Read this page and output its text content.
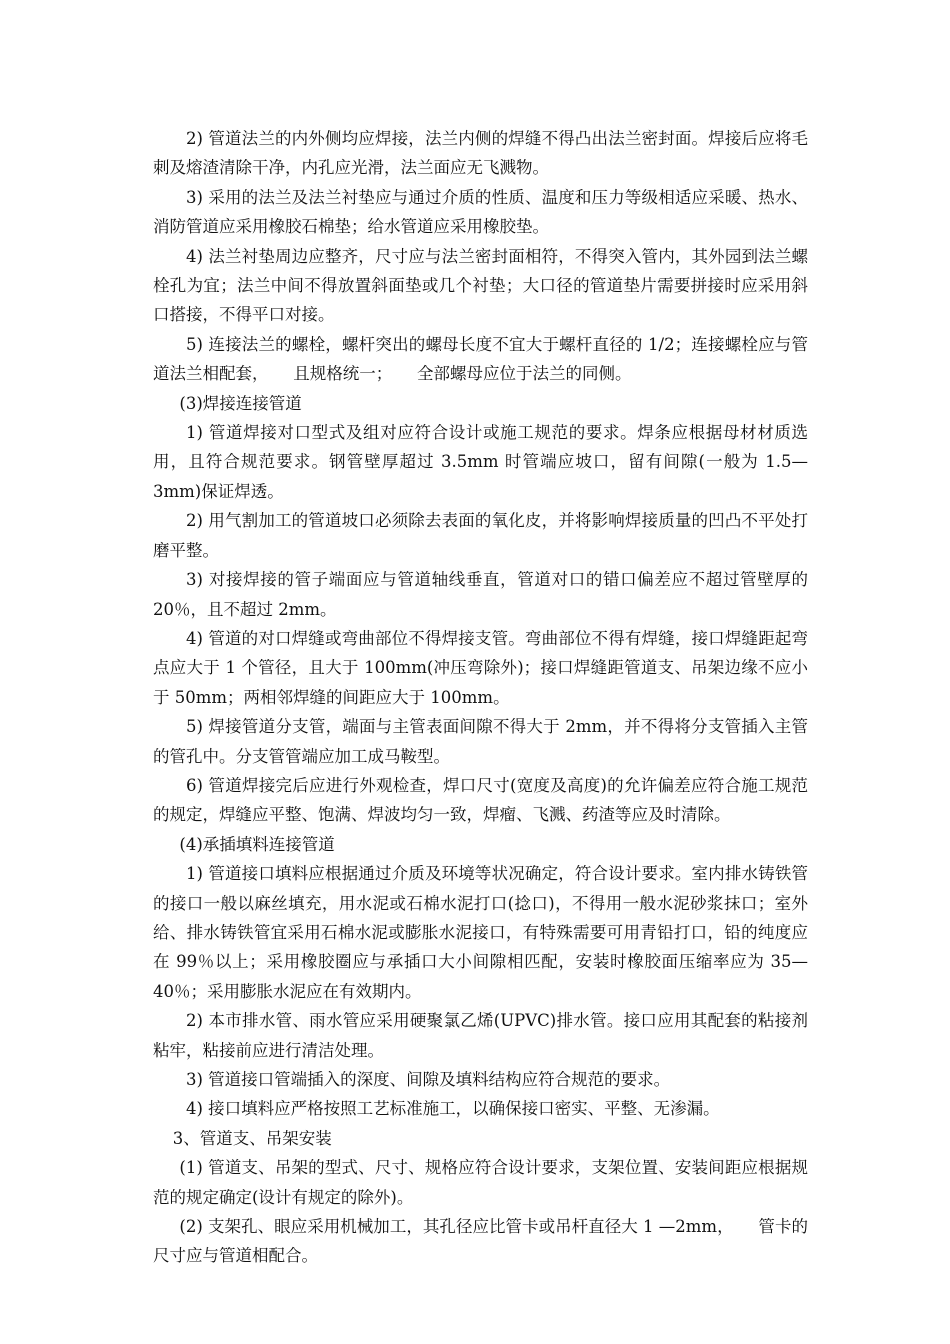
2) 管道法兰的内外侧均应焊接，法兰内侧的焊缝不得凸出法兰密封面。焊接后应将毛刺及熔渣清除干净，内孔应光滑，法兰面应无飞溅物。

3) 采用的法兰及法兰衬垫应与通过介质的性质、温度和压力等级相适应采暖、热水、消防管道应采用橡胶石棉垫；给水管道应采用橡胶垫。

4) 法兰衬垫周边应整齐，尺寸应与法兰密封面相符，不得突入管内，其外园到法兰螺栓孔为宜；法兰中间不得放置斜面垫或几个衬垫；大口径的管道垫片需要拼接时应采用斜口搭接，不得平口对接。

5) 连接法兰的螺栓，螺杆突出的螺母长度不宜大于螺杆直径的 1/2；连接螺栓应与管道法兰相配套，　　且规格统一；　　全部螺母应位于法兰的同侧。

(3)焊接连接管道

1) 管道焊接对口型式及组对应符合设计或施工规范的要求。焊条应根据母材材质选用，且符合规范要求。钢管壁厚超过 3.5mm 时管端应坡口，留有间隙(一般为 1.5—3mm)保证焊透。

2) 用气割加工的管道坡口必须除去表面的氧化皮，并将影响焊接质量的凹凸不平处打磨平整。

3) 对接焊接的管子端面应与管道轴线垂直，管道对口的错口偏差应不超过管壁厚的 20％，且不超过 2mm。

4) 管道的对口焊缝或弯曲部位不得焊接支管。弯曲部位不得有焊缝，接口焊缝距起弯点应大于 1 个管径，且大于 100mm(冲压弯除外)；接口焊缝距管道支、吊架边缘不应小于 50mm；两相邻焊缝的间距应大于 100mm。

5) 焊接管道分支管，端面与主管表面间隙不得大于 2mm，并不得将分支管插入主管的管孔中。分支管管端应加工成马鞍型。

6) 管道焊接完后应进行外观检查，焊口尺寸(宽度及高度)的允许偏差应符合施工规范的规定，焊缝应平整、饱满、焊波均匀一致，焊瘤、飞溅、药渣等应及时清除。

(4)承插填料连接管道

1) 管道接口填料应根据通过介质及环境等状况确定，符合设计要求。室内排水铸铁管的接口一般以麻丝填充，用水泥或石棉水泥打口(捻口)，不得用一般水泥砂浆抹口；室外给、排水铸铁管宜采用石棉水泥或膨胀水泥接口，有特殊需要可用青铅打口，铅的纯度应在 99％以上；采用橡胶圈应与承插口大小间隙相匹配，安装时橡胶面压缩率应为 35—40％；采用膨胀水泥应在有效期内。

2) 本市排水管、雨水管应采用硬聚氯乙烯(UPVC)排水管。接口应用其配套的粘接剂粘牢，粘接前应进行清洁处理。

3) 管道接口管端插入的深度、间隙及填料结构应符合规范的要求。

4) 接口填料应严格按照工艺标准施工，以确保接口密实、平整、无渗漏。

3、管道支、吊架安装

(1) 管道支、吊架的型式、尺寸、规格应符合设计要求，支架位置、安装间距应根据规范的规定确定(设计有规定的除外)。

(2) 支架孔、眼应采用机械加工，其孔径应比管卡或吊杆直径大 1 —2mm，　　管卡的尺寸应与管道相配合。
